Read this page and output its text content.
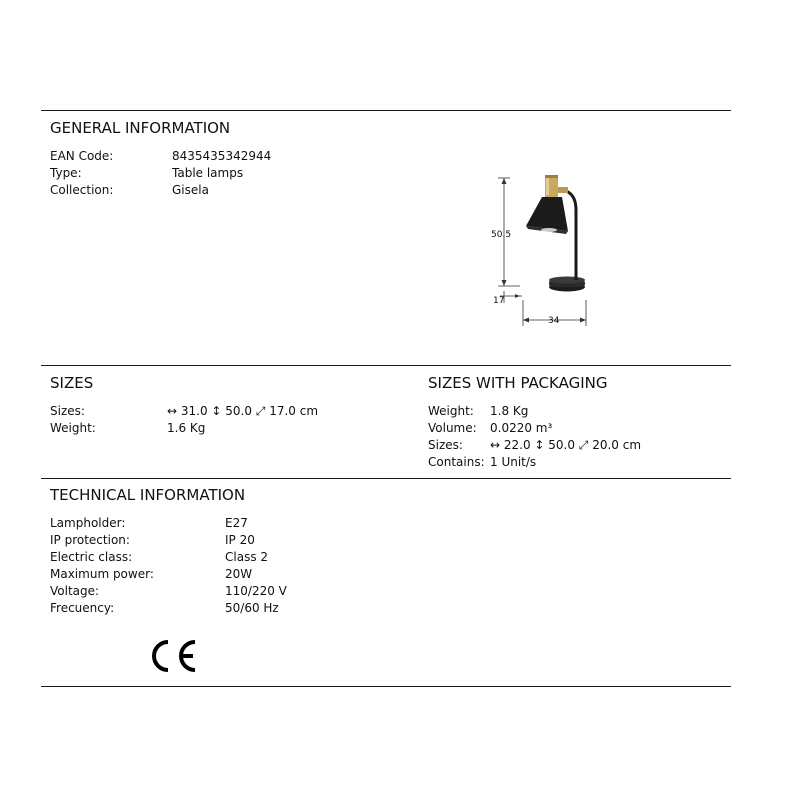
GENERAL INFORMATION
EAN Code:	8435435342944
Type:	Table lamps
Collection:	Gisela
50.5
17
34
SIZES
Sizes:	↔ 31.0 ↕ 50.0 ⤢ 17.0 cm
Weight:	1.6 Kg
SIZES WITH PACKAGING
Weight: 1.8 Kg
Volume: 0.0220 m³
Sizes: ↔ 22.0 ↕ 50.0 ⤢ 20.0 cm
Contains: 1 Unit/s
TECHNICAL INFORMATION
Lampholder:	E27
IP protection:	IP 20
Electric class:	Class 2
Maximum power:	20W
Voltage:	110/220 V
Frecuency:	50/60 Hz
